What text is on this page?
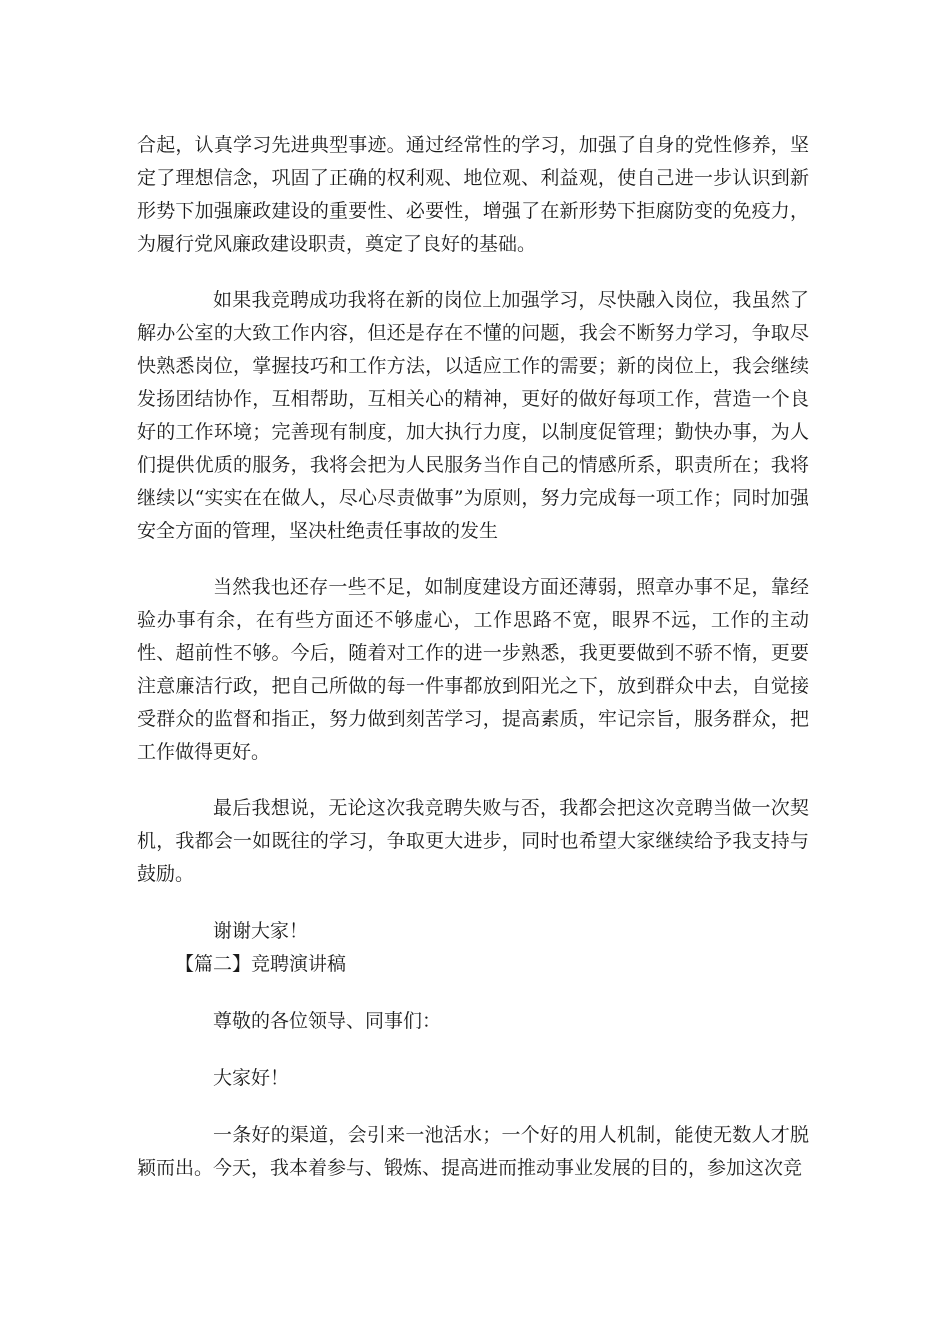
合起，认真学习先进典型事迹。通过经常性的学习，加强了自身的党性修养，坚定了理想信念，巩固了正确的权利观、地位观、利益观，使自己进一步认识到新形势下加强廉政建设的重要性、必要性，增强了在新形势下拒腐防变的免疫力，为履行党风廉政建设职责，奠定了良好的基础。

如果我竞聘成功我将在新的岗位上加强学习，尽快融入岗位，我虽然了解办公室的大致工作内容，但还是存在不懂的问题，我会不断努力学习，争取尽快熟悉岗位，掌握技巧和工作方法，以适应工作的需要；新的岗位上，我会继续发扬团结协作，互相帮助，互相关心的精神，更好的做好每项工作，营造一个良好的工作环境；完善现有制度，加大执行力度，以制度促管理；勤快办事，为人们提供优质的服务，我将会把为人民服务当作自己的情感所系，职责所在；我将继续以“实实在在做人，尽心尽责做事”为原则，努力完成每一项工作；同时加强安全方面的管理，坚决杜绝责任事故的发生

当然我也还存一些不足，如制度建设方面还薄弱，照章办事不足，靠经验办事有余，在有些方面还不够虚心，工作思路不宽，眼界不远，工作的主动性、超前性不够。今后，随着对工作的进一步熟悉，我更要做到不骄不惰，更要注意廉洁行政，把自己所做的每一件事都放到阳光之下，放到群众中去，自觉接受群众的监督和指正，努力做到刻苦学习，提高素质，牢记宗旨，服务群众，把工作做得更好。

最后我想说，无论这次我竞聘失败与否，我都会把这次竞聘当做一次契机，我都会一如既往的学习，争取更大进步，同时也希望大家继续给予我支持与鼓励。

谢谢大家！

【篇二】竞聘演讲稿

尊敬的各位领导、同事们：

大家好！

一条好的渠道，会引来一池活水；一个好的用人机制，能使无数人才脱颖而出。今天，我本着参与、锻炼、提高进而推动事业发展的目的，参加这次竞
